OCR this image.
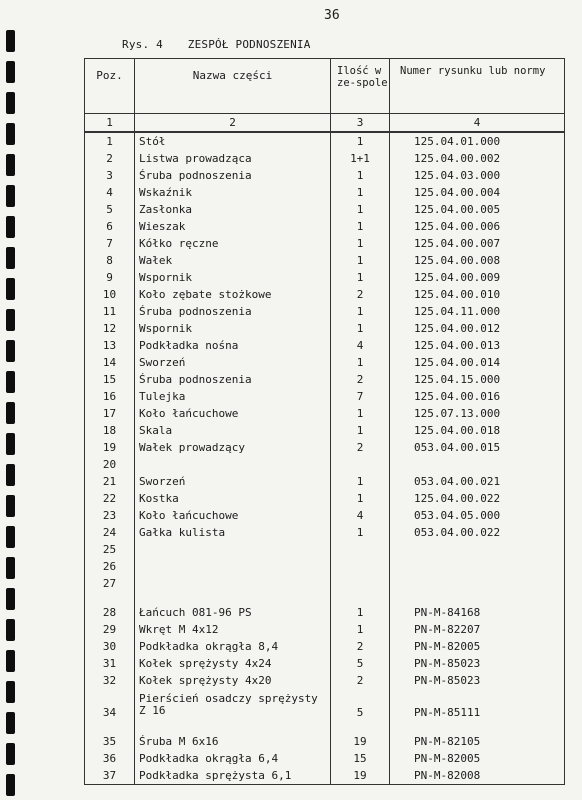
36
Rys. 4 ZESPÓŁ PODNOSZENIA
Poz.	Nazwa części	Ilość w ze-spole	Numer rysunku lub normy
1	2	3	4
1	Stół	1	125.04.01.000
2	Listwa prowadząca	1+1	125.04.00.002
3	Śruba podnoszenia	1	125.04.03.000
4	Wskaźnik	1	125.04.00.004
5	Zasłonka	1	125.04.00.005
6	Wieszak	1	125.04.00.006
7	Kółko ręczne	1	125.04.00.007
8	Wałek	1	125.04.00.008
9	Wspornik	1	125.04.00.009
10	Koło zębate stożkowe	2	125.04.00.010
11	Śruba podnoszenia	1	125.04.11.000
12	Wspornik	1	125.04.00.012
13	Podkładka nośna	4	125.04.00.013
14	Sworzeń	1	125.04.00.014
15	Śruba podnoszenia	2	125.04.15.000
16	Tulejka	7	125.04.00.016
17	Koło łańcuchowe	1	125.07.13.000
18	Skala	1	125.04.00.018
19	Wałek prowadzący	2	053.04.00.015
20			
21	Sworzeń	1	053.04.00.021
22	Kostka	1	125.04.00.022
23	Koło łańcuchowe	4	053.04.05.000
24	Gałka kulista	1	053.04.00.022
25			
26			
27			

28	Łańcuch 081-96 PS	1	PN-M-84168
29	Wkręt M 4x12	1	PN-M-82207
30	Podkładka okrągła 8,4	2	PN-M-82005
31	Kołek sprężysty 4x24	5	PN-M-85023
32	Kołek sprężysty 4x20	2	PN-M-85023
34	Pierścień osadczy sprężysty Z 16	5	PN-M-85111

35	Śruba M 6x16	19	PN-M-82105
36	Podkładka okrągła 6,4	15	PN-M-82005
37	Podkładka sprężysta 6,1	19	PN-M-82008
